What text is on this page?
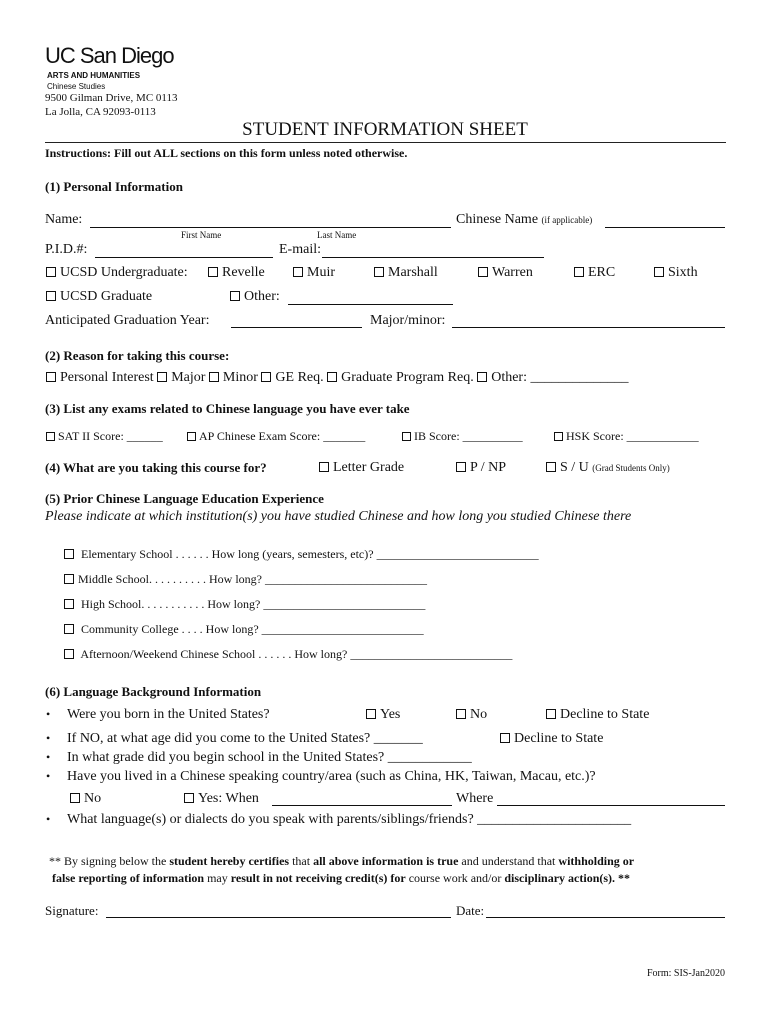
UC San Diego
ARTS AND HUMANITIES
Chinese Studies
9500 Gilman Drive, MC 0113
La Jolla, CA 92093-0113
STUDENT INFORMATION SHEET
Instructions: Fill out ALL sections on this form unless noted otherwise.
(1) Personal Information
Name:
First Name	Last Name
Chinese Name (if applicable)
P.I.D.#:	E-mail:
UCSD Undergraduate:	Revelle	Muir	Marshall	Warren	ERC	Sixth
UCSD Graduate	Other:
Anticipated Graduation Year:	Major/minor:
(2) Reason for taking this course:
Personal Interest Major Minor GE Req. Graduate Program Req. Other: ______________
(3) List any exams related to Chinese language you have ever take
SAT II Score: ______	AP Chinese Exam Score: _______	IB Score: __________	HSK Score: ____________
(4) What are you taking this course for?	Letter Grade	P / NP	S / U (Grad Students Only)
(5) Prior Chinese Language Education Experience
Please indicate at which institution(s) you have studied Chinese and how long you studied Chinese there
Elementary School . . . . . . How long (years, semesters, etc)? ___________________________
Middle School. . . . . . . . . . How long? ___________________________
High School. . . . . . . . . . . How long? ___________________________
Community College . . . . How long? ___________________________
Afternoon/Weekend Chinese School . . . . . . How long? ___________________________
(6) Language Background Information
• Were you born in the United States?	Yes	No	Decline to State
• If NO, at what age did you come to the United States? _______	Decline to State
• In what grade did you begin school in the United States? ____________
• Have you lived in a Chinese speaking country/area (such as China, HK, Taiwan, Macau, etc.)?
No	Yes: When	Where
• What language(s) or dialects do you speak with parents/siblings/friends? ______________________
** By signing below the student hereby certifies that all above information is true and understand that withholding or
false reporting of information may result in not receiving credit(s) for course work and/or disciplinary action(s). **
Signature:	Date:
Form: SIS-Jan2020
